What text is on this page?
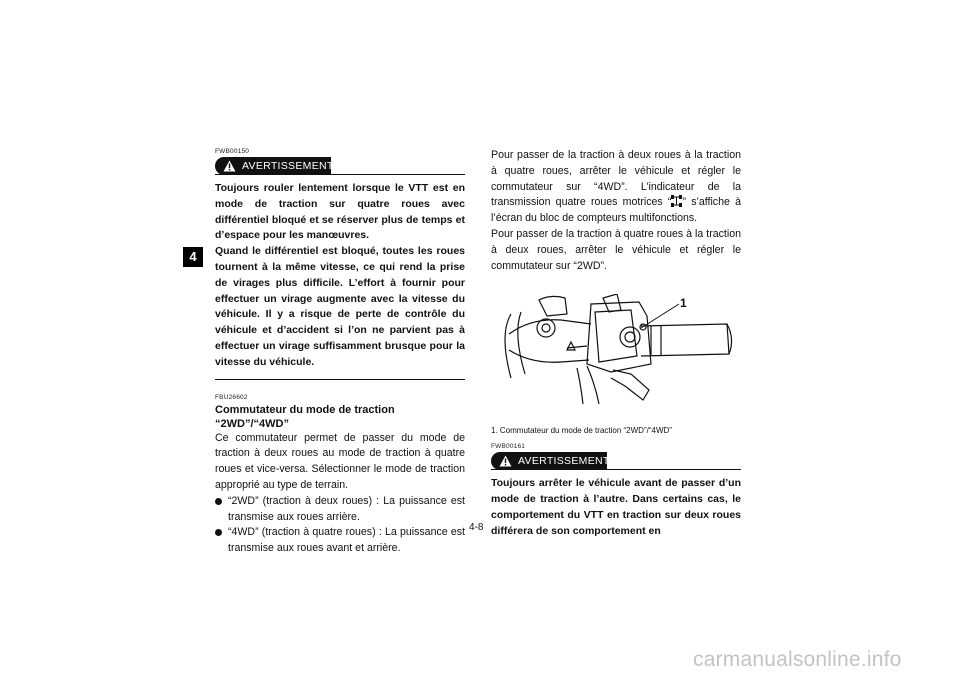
4
FWB00150
AVERTISSEMENT

Toujours rouler lentement lorsque le VTT est en mode de traction sur quatre roues avec différentiel bloqué et se réserver plus de temps et d’espace pour les manœuvres.

Quand le différentiel est bloqué, toutes les roues tournent à la même vitesse, ce qui rend la prise de virages plus difficile. L’effort à fournir pour effectuer un virage augmente avec la vitesse du véhicule. Il y a risque de perte de contrôle du véhicule et d’accident si l’on ne parvient pas à effectuer un virage suffisamment brusque pour la vitesse du véhicule.

FBU26602

Commutateur du mode de traction “2WD”/“4WD”

Ce commutateur permet de passer du mode de traction à deux roues au mode de traction à quatre roues et vice-versa. Sélectionner le mode de traction approprié au type de terrain.

“2WD” (traction à deux roues) : La puissance est transmise aux roues arrière.
“4WD” (traction à quatre roues) : La puissance est transmise aux roues avant et arrière.

Pour passer de la traction à deux roues à la traction à quatre roues, arrêter le véhicule et régler le commutateur sur “4WD”. L’indicateur de la transmission quatre roues motrices “ ” s’affiche à l’écran du bloc de compteurs multifonctions.

Pour passer de la traction à quatre roues à la traction à deux roues, arrêter le véhicule et régler le commutateur sur “2WD”.

1
1. Commutateur du mode de traction “2WD”/“4WD”
FWB00161
AVERTISSEMENT

Toujours arrêter le véhicule avant de passer d’un mode de traction à l’autre. Dans certains cas, le comportement du VTT en traction sur deux roues différera de son comportement en

4-8
carmanualsonline.info
